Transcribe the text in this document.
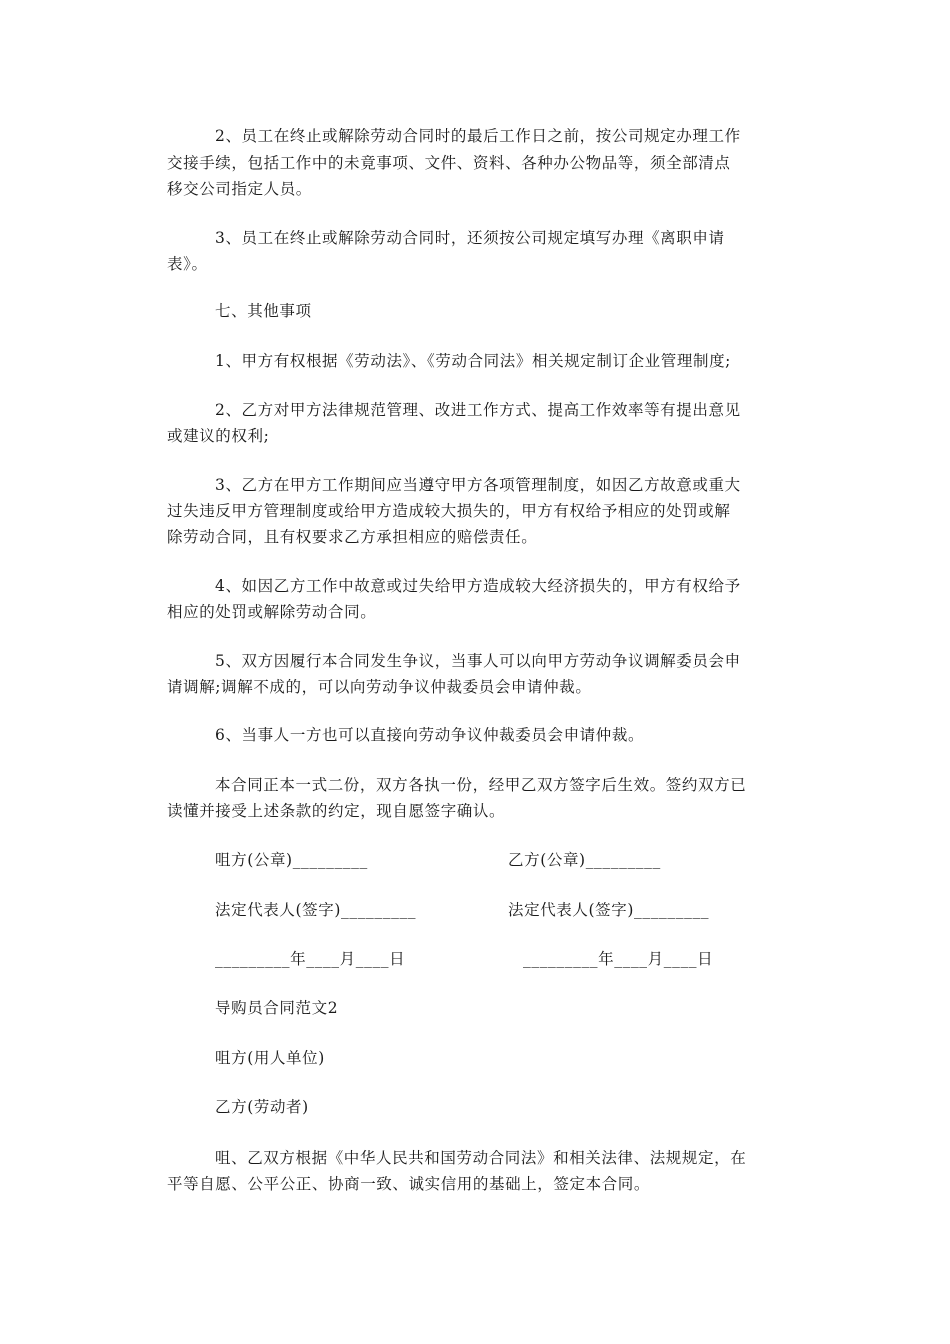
2、员工在终止或解除劳动合同时的最后工作日之前，按公司规定办理工作
交接手续，包括工作中的未竟事项、文件、资料、各种办公物品等，须全部清点
移交公司指定人员。
3、员工在终止或解除劳动合同时，还须按公司规定填写办理《离职申请
表》。
七、其他事项
1、甲方有权根据《劳动法》、《劳动合同法》相关规定制订企业管理制度;
2、乙方对甲方法律规范管理、改进工作方式、提高工作效率等有提出意见
或建议的权利;
3、乙方在甲方工作期间应当遵守甲方各项管理制度，如因乙方故意或重大
过失违反甲方管理制度或给甲方造成较大损失的，甲方有权给予相应的处罚或解
除劳动合同，且有权要求乙方承担相应的赔偿责任。
4、如因乙方工作中故意或过失给甲方造成较大经济损失的，甲方有权给予
相应的处罚或解除劳动合同。
5、双方因履行本合同发生争议，当事人可以向甲方劳动争议调解委员会申
请调解;调解不成的，可以向劳动争议仲裁委员会申请仲裁。
6、当事人一方也可以直接向劳动争议仲裁委员会申请仲裁。
本合同正本一式二份，双方各执一份，经甲乙双方签字后生效。签约双方已
读懂并接受上述条款的约定，现自愿签字确认。
咀方(公章)_________	乙方(公章)_________
法定代表人(签字)_________	法定代表人(签字)_________
_________年____月____日	_________年____月____日
导购员合同范文2
咀方(用人单位)
乙方(劳动者)
咀、乙双方根据《中华人民共和国劳动合同法》和相关法律、法规规定，在
平等自愿、公平公正、协商一致、诚实信用的基础上，签定本合同。
